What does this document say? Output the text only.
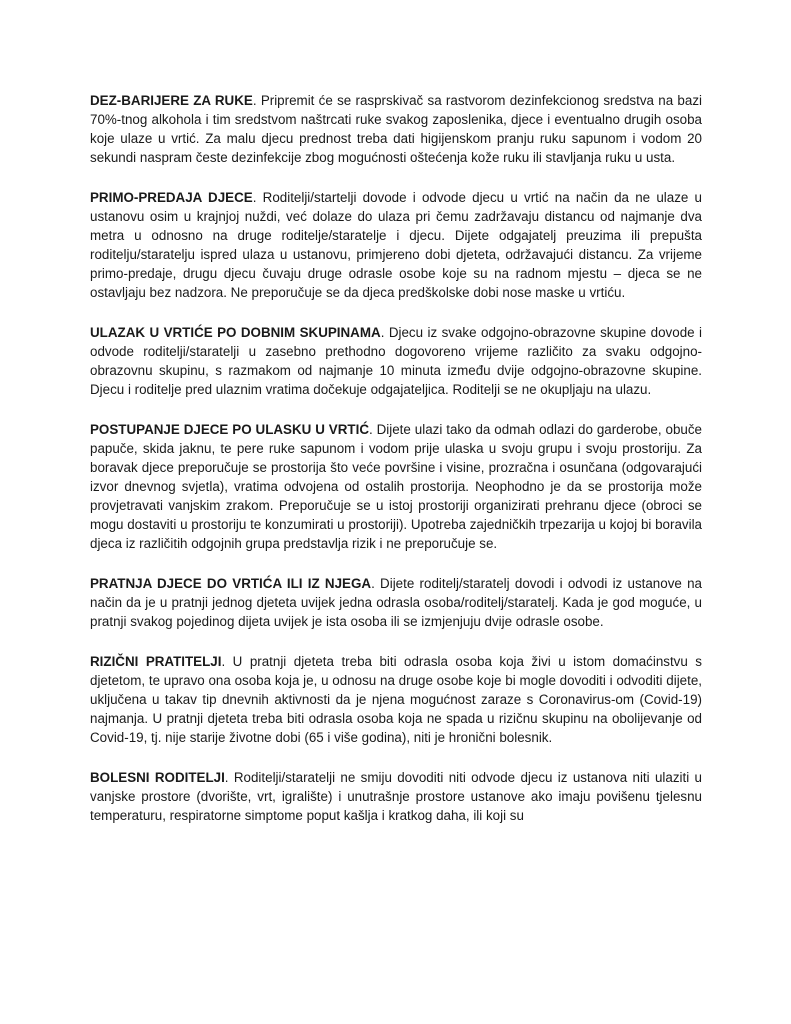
DEZ-BARIJERE ZA RUKE. Pripremit će se rasprskivač sa rastvorom dezinfekcionog sredstva na bazi 70%-tnog alkohola i tim sredstvom naštrcati ruke svakog zaposlenika, djece i eventualno drugih osoba koje ulaze u vrtić. Za malu djecu prednost treba dati higijenskom pranju ruku sapunom i vodom 20 sekundi naspram česte dezinfekcije zbog mogućnosti oštećenja kože ruku ili stavljanja ruku u usta.

PRIMO-PREDAJA DJECE. Roditelji/startelji dovode i odvode djecu u vrtić na način da ne ulaze u ustanovu osim u krajnjoj nuždi, već dolaze do ulaza pri čemu zadržavaju distancu od najmanje dva metra u odnosno na druge roditelje/staratelje i djecu. Dijete odgajatelj preuzima ili prepušta roditelju/staratelju ispred ulaza u ustanovu, primjereno dobi djeteta, održavajući distancu. Za vrijeme primo-predaje, drugu djecu čuvaju druge odrasle osobe koje su na radnom mjestu – djeca se ne ostavljaju bez nadzora. Ne preporučuje se da djeca predškolske dobi nose maske u vrtiću.

ULAZAK U VRTIĆE PO DOBNIM SKUPINAMA. Djecu iz svake odgojno-obrazovne skupine dovode i odvode roditelji/staratelji u zasebno prethodno dogovoreno vrijeme različito za svaku odgojno-obrazovnu skupinu, s razmakom od najmanje 10 minuta između dvije odgojno-obrazovne skupine. Djecu i roditelje pred ulaznim vratima dočekuje odgajateljica. Roditelji se ne okupljaju na ulazu.

POSTUPANJE DJECE PO ULASKU U VRTIĆ. Dijete ulazi tako da odmah odlazi do garderobe, obuče papuče, skida jaknu, te pere ruke sapunom i vodom prije ulaska u svoju grupu i svoju prostoriju. Za boravak djece preporučuje se prostorija što veće površine i visine, prozračna i osunčana (odgovarajući izvor dnevnog svjetla), vratima odvojena od ostalih prostorija. Neophodno je da se prostorija može provjetravati vanjskim zrakom. Preporučuje se u istoj prostoriji organizirati prehranu djece (obroci se mogu dostaviti u prostoriju te konzumirati u prostoriji). Upotreba zajedničkih trpezarija u kojoj bi boravila djeca iz različitih odgojnih grupa predstavlja rizik i ne preporučuje se.

PRATNJA DJECE DO VRTIĆA ILI IZ NJEGA. Dijete roditelj/staratelj dovodi i odvodi iz ustanove na način da je u pratnji jednog djeteta uvijek jedna odrasla osoba/roditelj/staratelj. Kada je god moguće, u pratnji svakog pojedinog dijeta uvijek je ista osoba ili se izmjenjuju dvije odrasle osobe.

RIZIČNI PRATITELJI. U pratnji djeteta treba biti odrasla osoba koja živi u istom domaćinstvu s djetetom, te upravo ona osoba koja je, u odnosu na druge osobe koje bi mogle dovoditi i odvoditi dijete, uključena u takav tip dnevnih aktivnosti da je njena mogućnost zaraze s Coronavirus-om (Covid-19) najmanja. U pratnji djeteta treba biti odrasla osoba koja ne spada u rizičnu skupinu na obolijevanje od Covid-19, tj. nije starije životne dobi (65 i više godina), niti je hronični bolesnik.

BOLESNI RODITELJI. Roditelji/staratelji ne smiju dovoditi niti odvode djecu iz ustanova niti ulaziti u vanjske prostore (dvorište, vrt, igralište) i unutrašnje prostore ustanove ako imaju povišenu tjelesnu temperaturu, respiratorne simptome poput kašlja i kratkog daha, ili koji su
